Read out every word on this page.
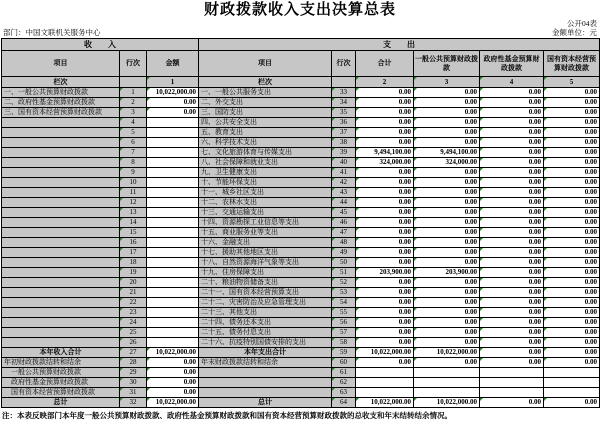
财政拨款收入支出决算总表
公开04表
部门：中国文联机关服务中心	金额单位：元
收　　入			支　　出					
项目	行次	金额	项目	行次	合计	一般公共预算财政拨款	政府性基金预算财政拨款	国有资本经营预算财政拨款
栏次		1	栏次		2	3	4	5
一、一般公共预算财政拨款	1	10,022,000.00	一、一般公共服务支出	33	0.00	0.00	0.00	0.00
二、政府性基金预算财政拨款	2	0.00	二、外交支出	34	0.00	0.00	0.00	0.00
三、国有资本经营预算财政拨款	3	0.00	三、国防支出	35	0.00	0.00	0.00	0.00
	4		四、公共安全支出	36	0.00	0.00	0.00	0.00
	5		五、教育支出	37	0.00	0.00	0.00	0.00
	6		六、科学技术支出	38	0.00	0.00	0.00	0.00
	7		七、文化旅游体育与传媒支出	39	9,494,100.00	9,494,100.00	0.00	0.00
	8		八、社会保障和就业支出	40	324,000.00	324,000.00	0.00	0.00
	9		九、卫生健康支出	41	0.00	0.00	0.00	0.00
	10		十、节能环保支出	42	0.00	0.00	0.00	0.00
	11		十一、城乡社区支出	43	0.00	0.00	0.00	0.00
	12		十二、农林水支出	44	0.00	0.00	0.00	0.00
	13		十三、交通运输支出	45	0.00	0.00	0.00	0.00
	14		十四、资源勘探工业信息等支出	46	0.00	0.00	0.00	0.00
	15		十五、商业服务业等支出	47	0.00	0.00	0.00	0.00
	16		十六、金融支出	48	0.00	0.00	0.00	0.00
	17		十七、援助其他地区支出	49	0.00	0.00	0.00	0.00
	18		十八、自然资源海洋气象等支出	50	0.00	0.00	0.00	0.00
	19		十九、住房保障支出	51	203,900.00	203,900.00	0.00	0.00
	20		二十、粮油物资储备支出	52	0.00	0.00	0.00	0.00
	21		二十一、国有资本经营预算支出	53	0.00	0.00	0.00	0.00
	22		二十二、灾害防治及应急管理支出	54	0.00	0.00	0.00	0.00
	23		二十三、其他支出	55	0.00	0.00	0.00	0.00
	24		二十四、债务还本支出	56	0.00	0.00	0.00	0.00
	25		二十五、债务付息支出	57	0.00	0.00	0.00	0.00
	26		二十六、抗疫特别国债安排的支出	58	0.00	0.00	0.00	0.00
本年收入合计	27	10,022,000.00	本年支出合计	59	10,022,000.00	10,022,000.00	0.00	0.00
年初财政拨款结转和结余	28	0.00	年末财政拨款结转和结余	60	0.00	0.00	0.00	0.00
一般公共预算财政拨款	29	0.00		61				
政府性基金预算财政拨款	30	0.00		62				
国有资本经营预算财政拨款	31	0.00		63				
总计	32	10,022,000.00	总计	64	10,022,000.00	10,022,000.00	0.00	0.00
注：本表反映部门本年度一般公共预算财政拨款、政府性基金预算财政拨款和国有资本经营预算财政拨款的总收支和年末结转结余情况。
